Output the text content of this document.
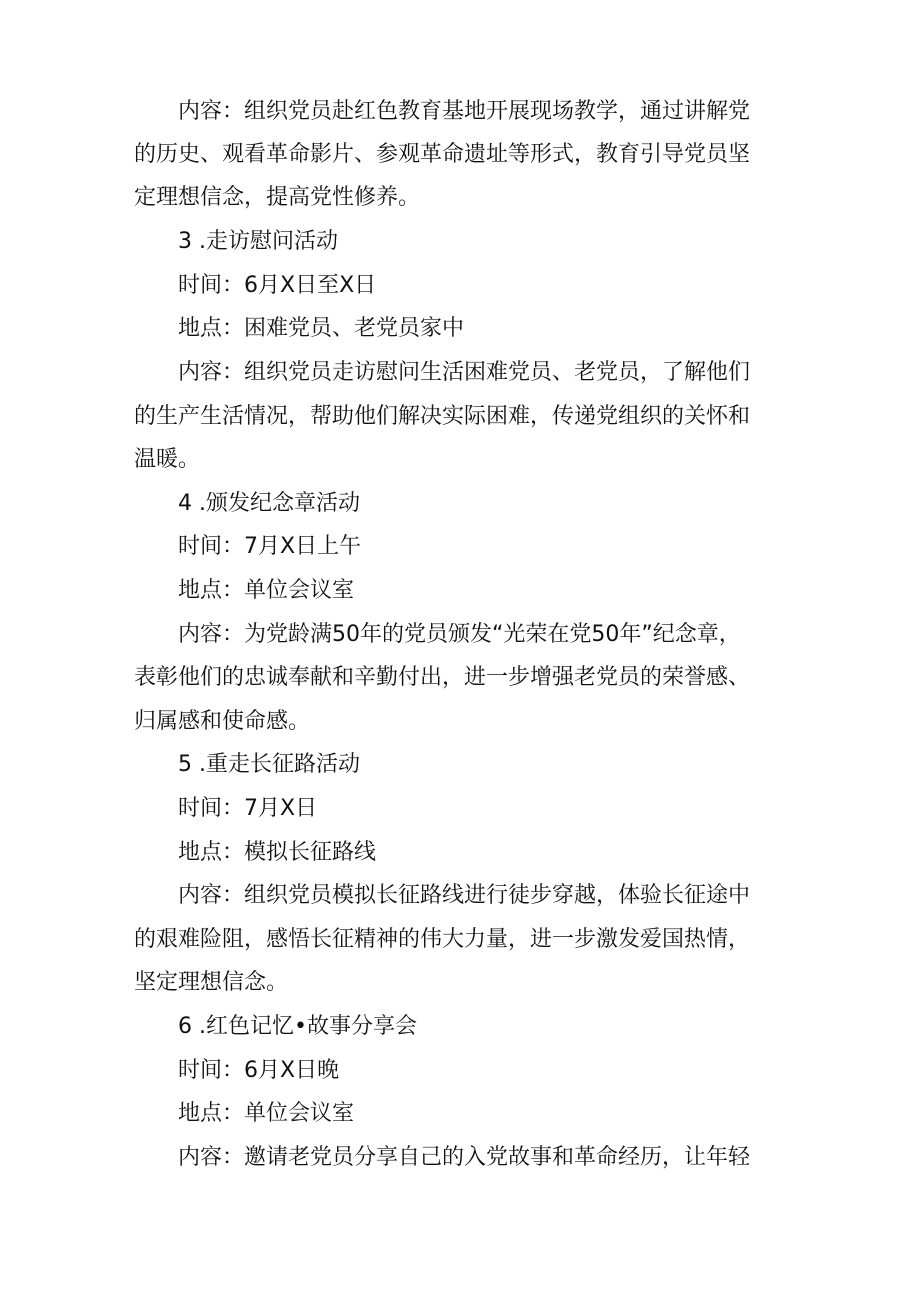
内容：组织党员赴红色教育基地开展现场教学，通过讲解党
的历史、观看革命影片、参观革命遗址等形式，教育引导党员坚
定理想信念，提高党性修养。
3 .走访慰问活动
时间：6月X日至X日
地点：困难党员、老党员家中
内容：组织党员走访慰问生活困难党员、老党员，了解他们
的生产生活情况，帮助他们解决实际困难，传递党组织的关怀和
温暖。
4 .颁发纪念章活动
时间：7月X日上午
地点：单位会议室
内容：为党龄满50年的党员颁发“光荣在党50年”纪念章，
表彰他们的忠诚奉献和辛勤付出，进一步增强老党员的荣誉感、
归属感和使命感。
5 .重走长征路活动
时间：7月X日
地点：模拟长征路线
内容：组织党员模拟长征路线进行徒步穿越，体验长征途中
的艰难险阻，感悟长征精神的伟大力量，进一步激发爱国热情，
坚定理想信念。
6 .红色记忆•故事分享会
时间：6月X日晚
地点：单位会议室
内容：邀请老党员分享自己的入党故事和革命经历，让年轻
